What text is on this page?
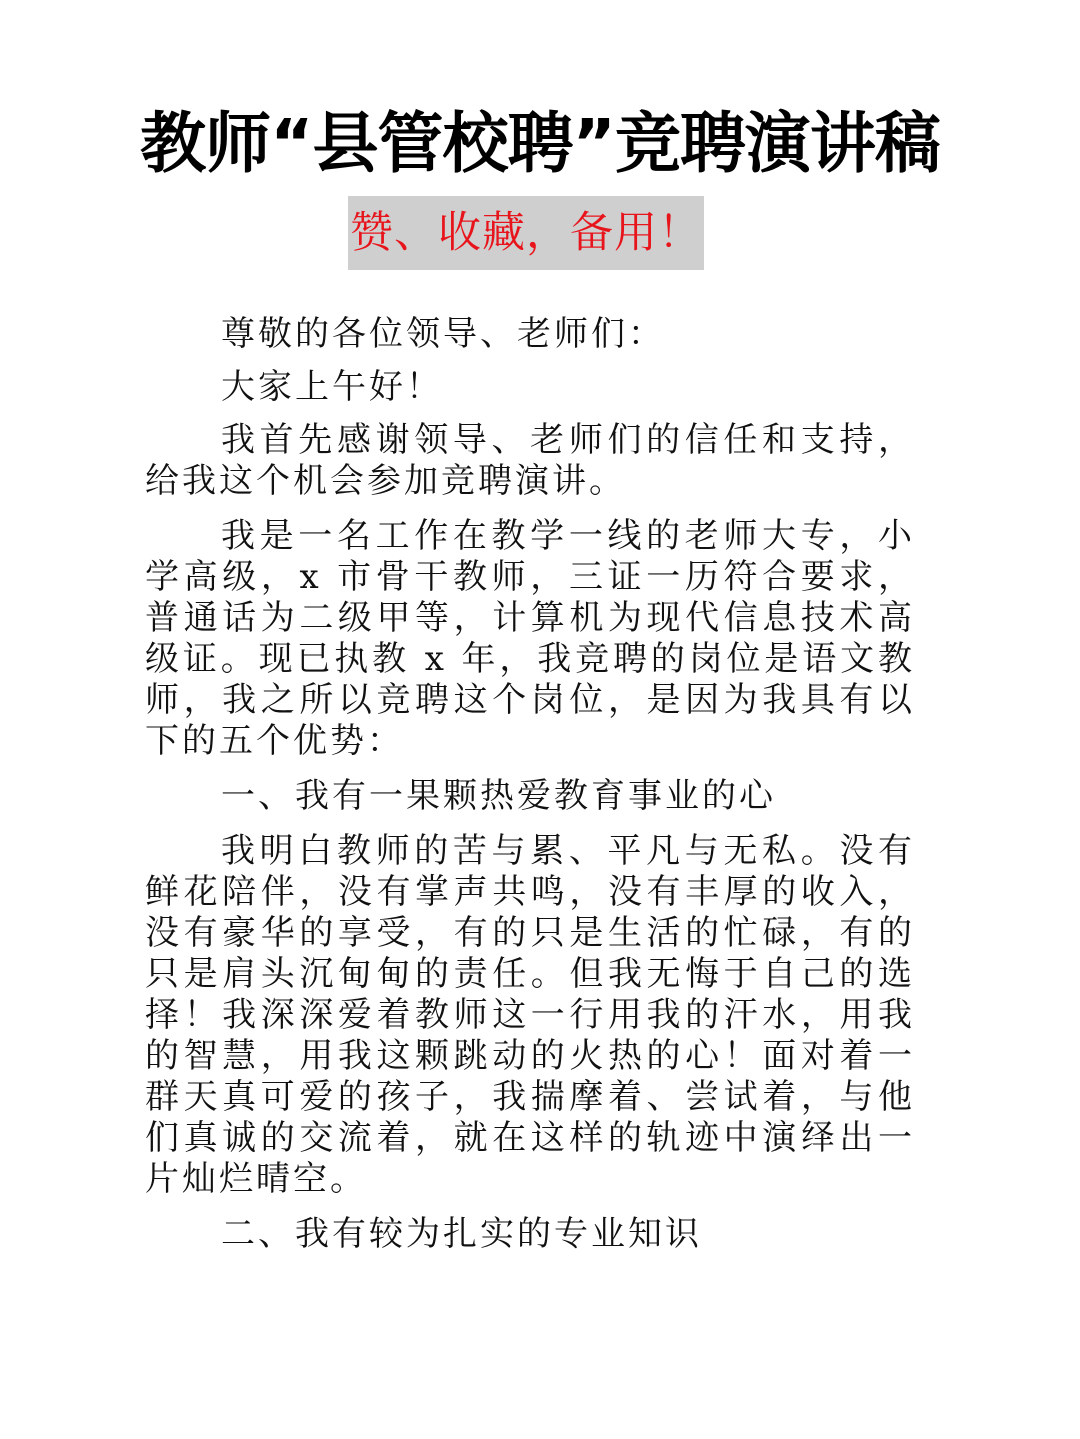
教师“县管校聘”竞聘演讲稿
赞、收藏，备用！

尊敬的各位领导、老师们：

大家上午好！

我首先感谢领导、老师们的信任和支持，给我这个机会参加竞聘演讲。

我是一名工作在教学一线的老师大专，小学高级，x 市骨干教师，三证一历符合要求，普通话为二级甲等，计算机为现代信息技术高级证。现已执教 x 年，我竞聘的岗位是语文教师，我之所以竞聘这个岗位，是因为我具有以下的五个优势：

一、我有一果颗热爱教育事业的心

我明白教师的苦与累、平凡与无私。没有鲜花陪伴，没有掌声共鸣，没有丰厚的收入，没有豪华的享受，有的只是生活的忙碌，有的只是肩头沉甸甸的责任。但我无悔于自己的选择！我深深爱着教师这一行用我的汗水，用我的智慧，用我这颗跳动的火热的心！面对着一群天真可爱的孩子，我揣摩着、尝试着，与他们真诚的交流着，就在这样的轨迹中演绎出一片灿烂晴空。

二、我有较为扎实的专业知识
